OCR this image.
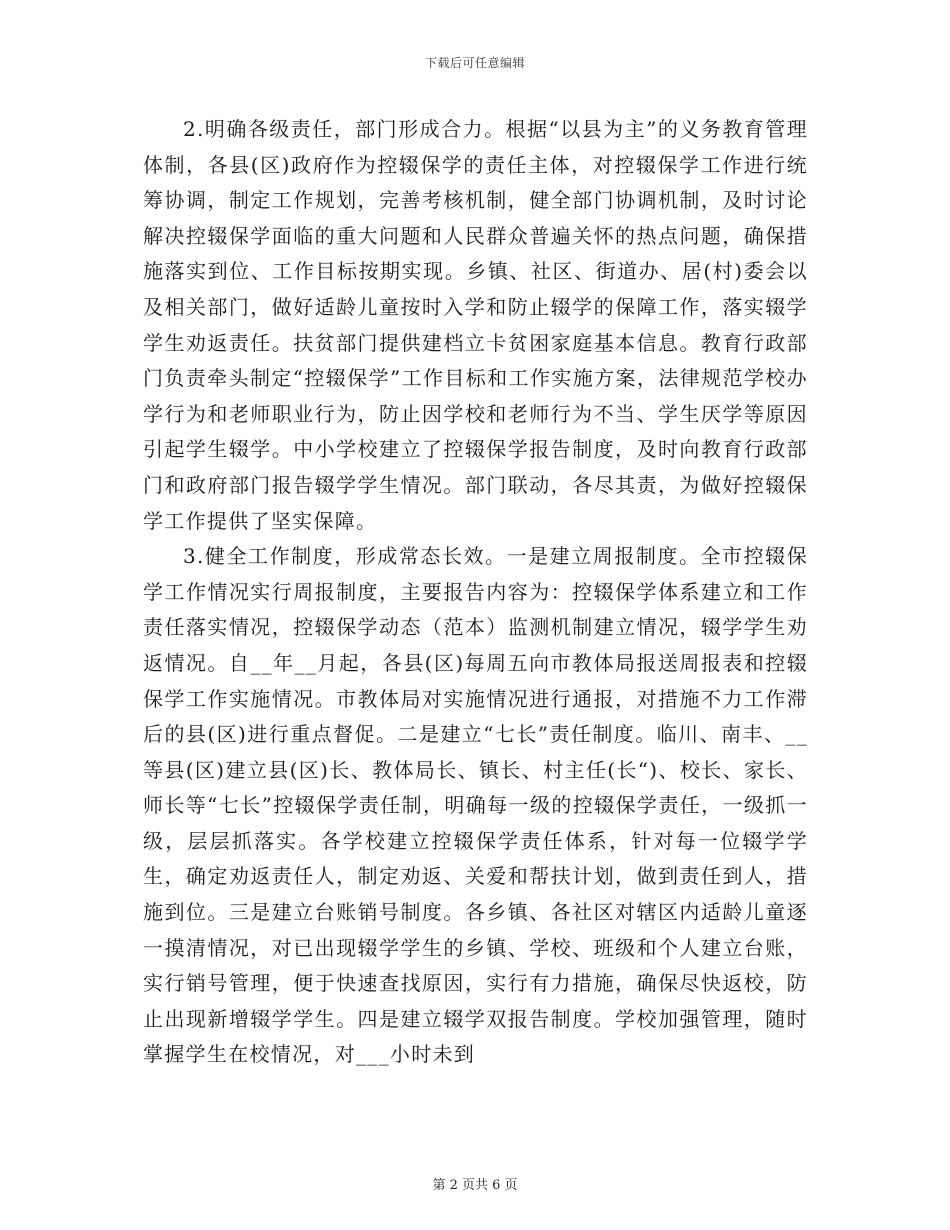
下载后可任意编辑

2.明确各级责任，部门形成合力。根据“以县为主”的义务教育管理体制，各县(区)政府作为控辍保学的责任主体，对控辍保学工作进行统筹协调，制定工作规划，完善考核机制，健全部门协调机制，及时讨论解决控辍保学面临的重大问题和人民群众普遍关怀的热点问题，确保措施落实到位、工作目标按期实现。乡镇、社区、街道办、居(村)委会以及相关部门，做好适龄儿童按时入学和防止辍学的保障工作，落实辍学学生劝返责任。扶贫部门提供建档立卡贫困家庭基本信息。教育行政部门负责牵头制定“控辍保学”工作目标和工作实施方案，法律规范学校办学行为和老师职业行为，防止因学校和老师行为不当、学生厌学等原因引起学生辍学。中小学校建立了控辍保学报告制度，及时向教育行政部门和政府部门报告辍学学生情况。部门联动，各尽其责，为做好控辍保学工作提供了坚实保障。

3.健全工作制度，形成常态长效。一是建立周报制度。全市控辍保学工作情况实行周报制度，主要报告内容为：控辍保学体系建立和工作责任落实情况，控辍保学动态（范本）监测机制建立情况，辍学学生劝返情况。自__年__月起，各县(区)每周五向市教体局报送周报表和控辍保学工作实施情况。市教体局对实施情况进行通报，对措施不力工作滞后的县(区)进行重点督促。二是建立“七长”责任制度。临川、南丰、__等县(区)建立县(区)长、教体局长、镇长、村主任(长“)、校长、家长、师长等“七长”控辍保学责任制，明确每一级的控辍保学责任，一级抓一级，层层抓落实。各学校建立控辍保学责任体系，针对每一位辍学学生，确定劝返责任人，制定劝返、关爱和帮扶计划，做到责任到人，措施到位。三是建立台账销号制度。各乡镇、各社区对辖区内适龄儿童逐一摸清情况，对已出现辍学学生的乡镇、学校、班级和个人建立台账，实行销号管理，便于快速查找原因，实行有力措施，确保尽快返校，防止出现新增辍学学生。四是建立辍学双报告制度。学校加强管理，随时掌握学生在校情况，对___小时未到

第 2 页共 6 页
